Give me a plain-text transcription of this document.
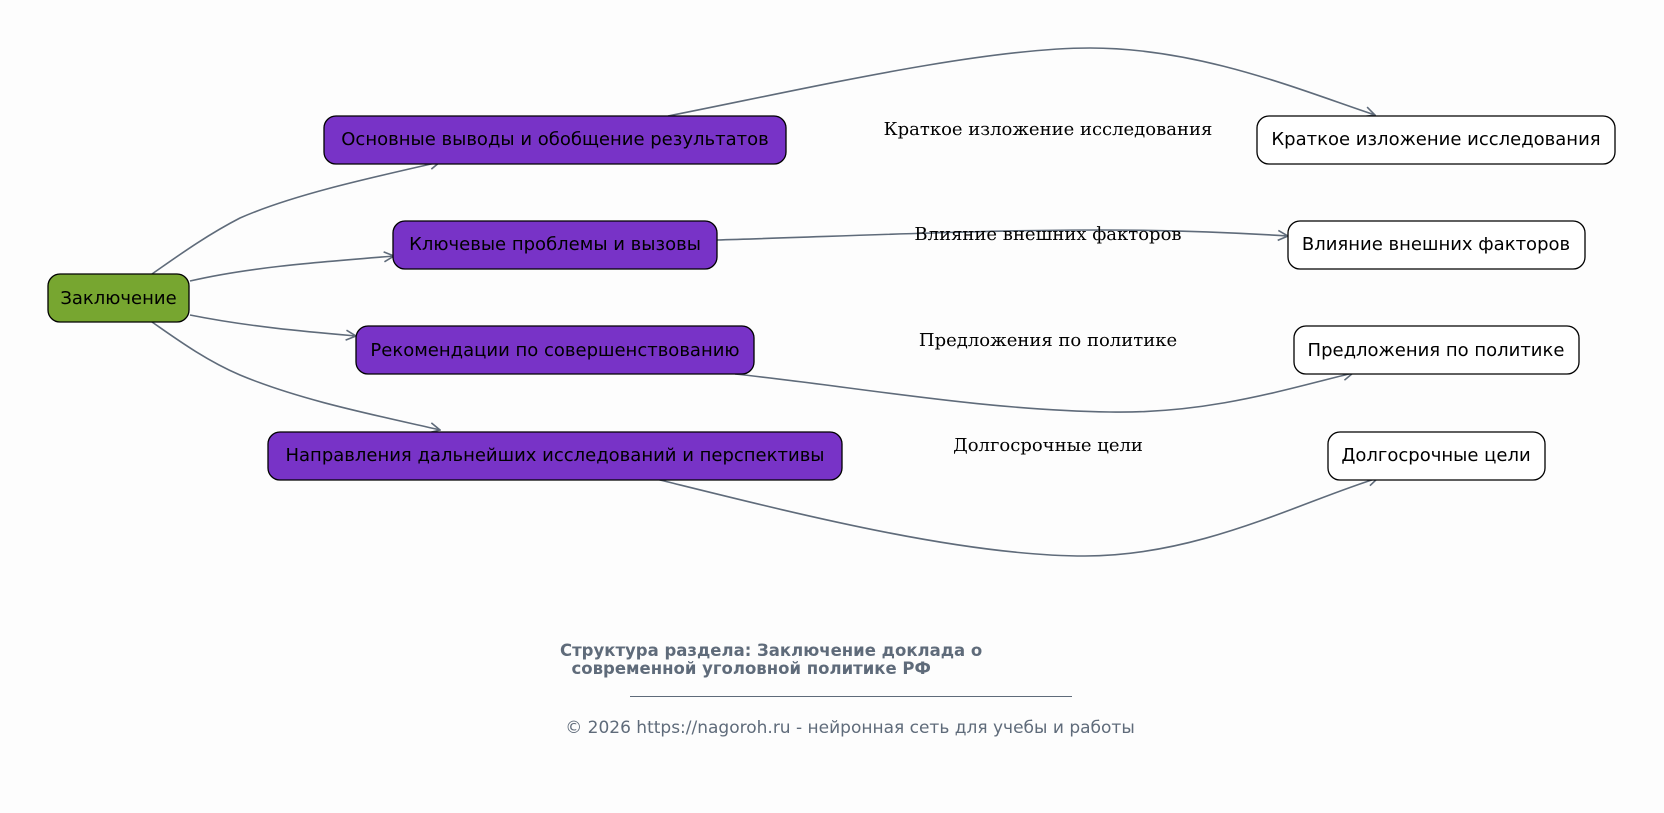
Краткое изложение исследования
Влияние внешних факторов
Предложения по политике
Долгосрочные цели
Заключение
Основные выводы и обобщение результатов
Ключевые проблемы и вызовы
Рекомендации по совершенствованию
Направления дальнейших исследований и перспективы
Краткое изложение исследования
Влияние внешних факторов
Предложения по политике
Долгосрочные цели
Структура раздела: Заключение доклада о
современной уголовной политике РФ
© 2026 https://nagoroh.ru - нейронная сеть для учебы и работы
